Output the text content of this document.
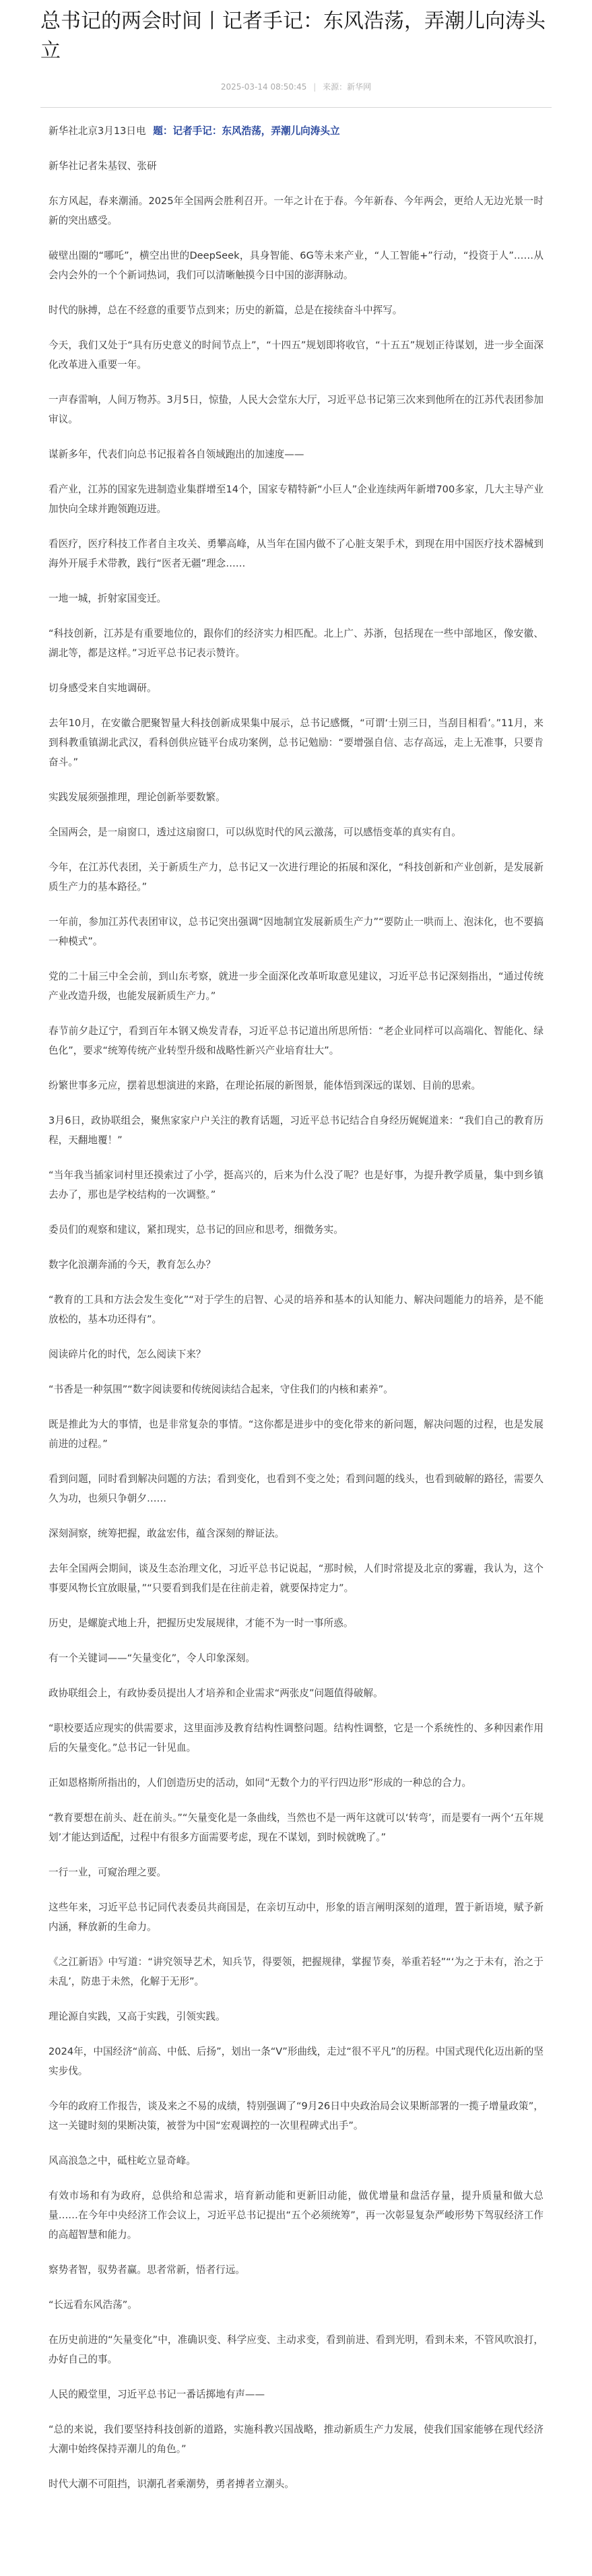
总书记的两会时间丨记者手记：东风浩荡，弄潮儿向涛头立
2025-03-14 08:50:45 | 来源：新华网

新华社北京3月13日电 题：记者手记：东风浩荡，弄潮儿向涛头立

新华社记者朱基钗、张研

东方风起，春来潮涌。2025年全国两会胜利召开。一年之计在于春。今年新春、今年两会，更给人无边光景一时新的突出感受。

破壁出圈的“哪吒”，横空出世的DeepSeek，具身智能、6G等未来产业，“人工智能+”行动，“投资于人”……从会内会外的一个个新词热词，我们可以清晰触摸今日中国的澎湃脉动。

时代的脉搏，总在不经意的重要节点到来；历史的新篇，总是在接续奋斗中挥写。

今天，我们又处于“具有历史意义的时间节点上”，“十四五”规划即将收官，“十五五”规划正待谋划，进一步全面深化改革进入重要一年。

一声春雷响，人间万物苏。3月5日，惊蛰，人民大会堂东大厅，习近平总书记第三次来到他所在的江苏代表团参加审议。

谋新多年，代表们向总书记报着各自领域跑出的加速度——

看产业，江苏的国家先进制造业集群增至14个，国家专精特新“小巨人”企业连续两年新增700多家，几大主导产业加快向全球并跑领跑迈进。

看医疗，医疗科技工作者自主攻关、勇攀高峰，从当年在国内做不了心脏支架手术，到现在用中国医疗技术器械到海外开展手术带教，践行“医者无疆”理念……

一地一城，折射家国变迁。

“科技创新，江苏是有重要地位的，跟你们的经济实力相匹配。北上广、苏浙，包括现在一些中部地区，像安徽、湖北等，都是这样。”习近平总书记表示赞许。

切身感受来自实地调研。

去年10月，在安徽合肥聚智量大科技创新成果集中展示，总书记感慨，“可谓‘士别三日，当刮目相看’。”11月，来到科教重镇湖北武汉，看科创供应链平台成功案例，总书记勉励：“要增强自信、志存高远，走上无准事，只要肯奋斗。”

实践发展须强推理，理论创新举要数繁。

全国两会，是一扇窗口，透过这扇窗口，可以纵览时代的风云激荡，可以感悟变革的真实有自。

今年，在江苏代表团，关于新质生产力，总书记又一次进行理论的拓展和深化，“科技创新和产业创新，是发展新质生产力的基本路径。”

一年前，参加江苏代表团审议，总书记突出强调“因地制宜发展新质生产力”“要防止一哄而上、泡沫化，也不要搞一种模式”。

党的二十届三中全会前，到山东考察，就进一步全面深化改革听取意见建议，习近平总书记深刻指出，“通过传统产业改造升级，也能发展新质生产力。”

春节前夕赴辽宁，看到百年本钢又焕发青春，习近平总书记道出所思所悟：“老企业同样可以高端化、智能化、绿色化”，要求“统筹传统产业转型升级和战略性新兴产业培育壮大”。

纷繁世事多元应，摆着思想演进的来路，在理论拓展的新图景，能体悟到深远的谋划、目前的思索。

3月6日，政协联组会，聚焦家家户户关注的教育话题，习近平总书记结合自身经历娓娓道来：“我们自己的教育历程，天翻地覆！”

“当年我当插家词村里还摸索过了小学，挺高兴的，后来为什么没了呢？也是好事，为提升教学质量，集中到乡镇去办了，那也是学校结构的一次调整。”

委员们的观察和建议，紧扣现实，总书记的回应和思考，细微务实。

数字化浪潮奔涌的今天，教育怎么办？

“教育的工具和方法会发生变化”“对于学生的启智、心灵的培养和基本的认知能力、解决问题能力的培养，是不能放松的，基本功还得有”。

阅读碎片化的时代，怎么阅读下来？

“书香是一种氛围”“数字阅读要和传统阅读结合起来，守住我们的内核和素养”。

既是推此为大的事情，也是非常复杂的事情。“这你都是进步中的变化带来的新问题，解决问题的过程，也是发展前进的过程。”

看到问题，同时看到解决问题的方法；看到变化，也看到不变之处；看到问题的线头，也看到破解的路径，需要久久为功，也须只争朝夕……

深刻洞察，统筹把握，敢盆宏伟，蕴含深刻的辩证法。

去年全国两会期间，谈及生态治理文化，习近平总书记说起，“那时候，人们时常提及北京的雾霾，我认为，这个事要风物长宜放眼量，”“只要看到我们是在往前走着，就要保持定力”。

历史，是螺旋式地上升，把握历史发展规律，才能不为一时一事所惑。

有一个关键词——“矢量变化”，令人印象深刻。

政协联组会上，有政协委员提出人才培养和企业需求“两张皮”问题值得破解。

“职校要适应现实的供需要求，这里面涉及教育结构性调整问题。结构性调整，它是一个系统性的、多种因素作用后的矢量变化。”总书记一针见血。

正如恩格斯所指出的，人们创造历史的活动，如同“无数个力的平行四边形”形成的一种总的合力。

“教育要想在前头、赶在前头。”“矢量变化是一条曲线，当然也不是一两年这就可以‘转弯’，而是要有一两个‘五年规划’才能达到适配，过程中有很多方面需要考虑，现在不谋划，到时候就晚了。”

一行一业，可窥治理之要。

这些年来，习近平总书记同代表委员共商国是，在亲切互动中，形象的语言阐明深刻的道理，置于新语境，赋予新内涵，释放新的生命力。

《之江新语》中写道：“讲究领导艺术，知兵节，得要领，把握规律，掌握节奏，举重若轻”“‘为之于未有，治之于未乱’，防患于未然，化解于无形”。

理论源自实践，又高于实践，引领实践。

2024年，中国经济“前高、中低、后扬”，划出一条“V”形曲线，走过“很不平凡”的历程。中国式现代化迈出新的坚实步伐。

今年的政府工作报告，谈及来之不易的成绩，特别强调了“9月26日中央政治局会议果断部署的一揽子增量政策”，这一关键时刻的果断决策，被誉为中国“宏观调控的一次里程碑式出手”。

风高浪急之中，砥柱屹立显奇峰。

有效市场和有为政府，总供给和总需求，培育新动能和更新旧动能，做优增量和盘活存量，提升质量和做大总量……在今年中央经济工作会议上，习近平总书记提出“五个必须统筹”，再一次彰显复杂严峻形势下驾驭经济工作的高超智慧和能力。

察势者智，驭势者赢。思者常新，悟者行远。

“长远看东风浩荡”。

在历史前进的“矢量变化”中，准确识变、科学应变、主动求变，看到前进、看到光明，看到未来，不管风吹浪打，办好自己的事。

人民的殿堂里，习近平总书记一番话掷地有声——

“总的来说，我们要坚持科技创新的道路，实施科教兴国战略，推动新质生产力发展，使我们国家能够在现代经济大潮中始终保持弄潮儿的角色。”

时代大潮不可阻挡，识潮孔者乘潮势，勇者搏者立潮头。
